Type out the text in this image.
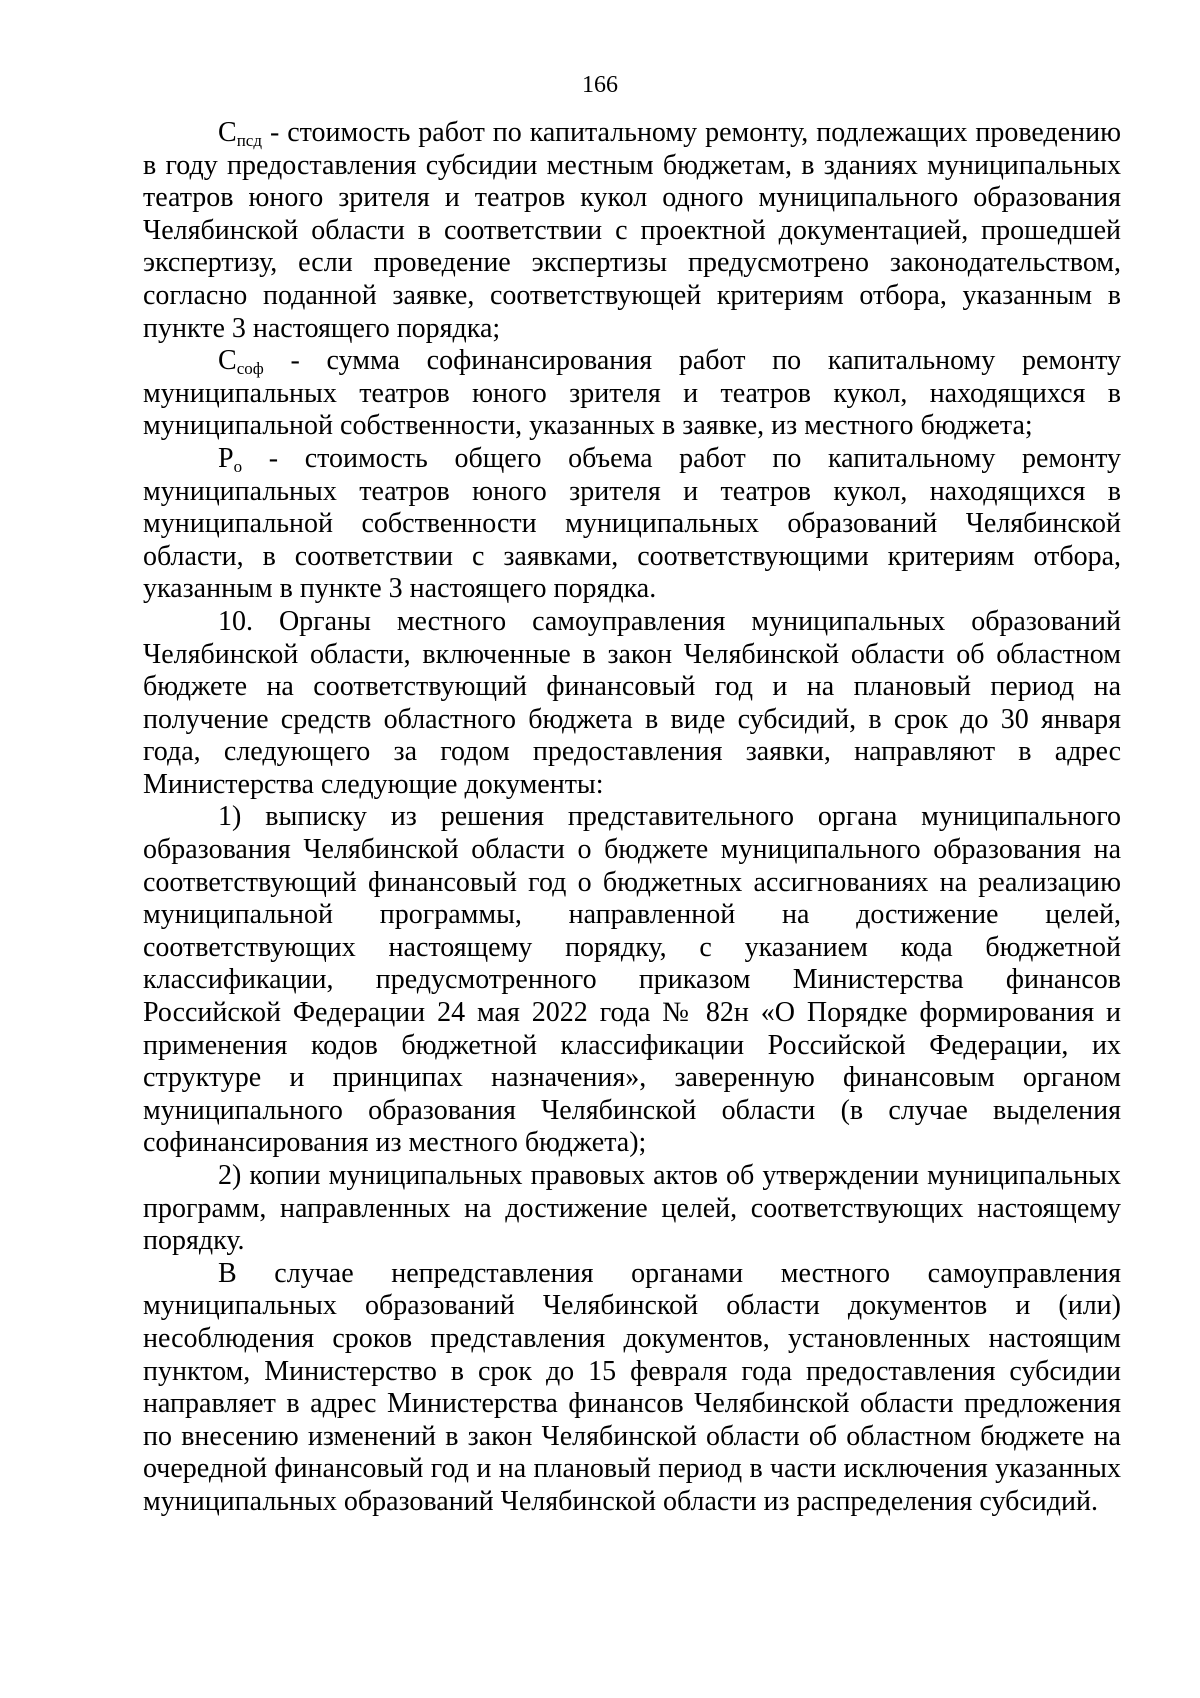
166

$С_{псд}$ - стоимость работ по капитальному ремонту, подлежащих проведению в году предоставления субсидии местным бюджетам, в зданиях муниципальных театров юного зрителя и театров кукол одного муниципального образования Челябинской области в соответствии с проектной документацией, прошедшей экспертизу, если проведение экспертизы предусмотрено законодательством, согласно поданной заявке, соответствующей критериям отбора, указанным в пункте 3 настоящего порядка;

$С_{соф}$ - сумма софинансирования работ по капитальному ремонту муниципальных театров юного зрителя и театров кукол, находящихся в муниципальной собственности, указанных в заявке, из местного бюджета;

$Р_о$ - стоимость общего объема работ по капитальному ремонту муниципальных театров юного зрителя и театров кукол, находящихся в муниципальной собственности муниципальных образований Челябинской области, в соответствии с заявками, соответствующими критериям отбора, указанным в пункте 3 настоящего порядка.

10. Органы местного самоуправления муниципальных образований Челябинской области, включенные в закон Челябинской области об областном бюджете на соответствующий финансовый год и на плановый период на получение средств областного бюджета в виде субсидий, в срок до 30 января года, следующего за годом предоставления заявки, направляют в адрес Министерства следующие документы:

1) выписку из решения представительного органа муниципального образования Челябинской области о бюджете муниципального образования на соответствующий финансовый год о бюджетных ассигнованиях на реализацию муниципальной программы, направленной на достижение целей, соответствующих настоящему порядку, с указанием кода бюджетной классификации, предусмотренного приказом Министерства финансов Российской Федерации 24 мая 2022 года № 82н «О Порядке формирования и применения кодов бюджетной классификации Российской Федерации, их структуре и принципах назначения», заверенную финансовым органом муниципального образования Челябинской области (в случае выделения софинансирования из местного бюджета);

2) копии муниципальных правовых актов об утверждении муниципальных программ, направленных на достижение целей, соответствующих настоящему порядку.

В случае непредставления органами местного самоуправления муниципальных образований Челябинской области документов и (или) несоблюдения сроков представления документов, установленных настоящим пунктом, Министерство в срок до 15 февраля года предоставления субсидии направляет в адрес Министерства финансов Челябинской области предложения по внесению изменений в закон Челябинской области об областном бюджете на очередной финансовый год и на плановый период в части исключения указанных муниципальных образований Челябинской области из распределения субсидий.
